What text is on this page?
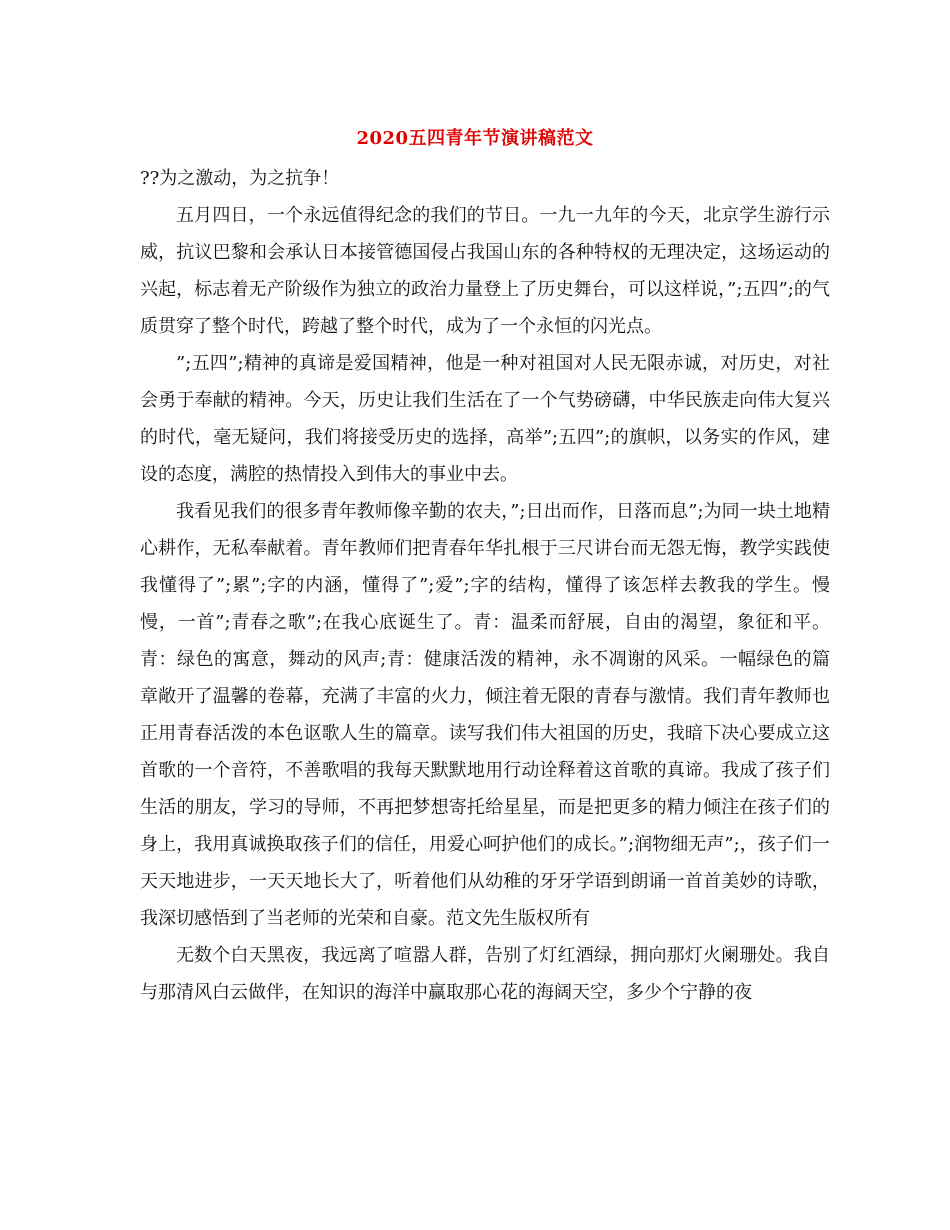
2020五四青年节演讲稿范文

??为之激动，为之抗争！

五月四日，一个永远值得纪念的我们的节日。一九一九年的今天，北京学生游行示威，抗议巴黎和会承认日本接管德国侵占我国山东的各种特权的无理决定，这场运动的兴起，标志着无产阶级作为独立的政治力量登上了历史舞台，可以这样说，”;五四”;的气质贯穿了整个时代，跨越了整个时代，成为了一个永恒的闪光点。

”;五四”;精神的真谛是爱国精神，他是一种对祖国对人民无限赤诚，对历史，对社会勇于奉献的精神。今天，历史让我们生活在了一个气势磅礴，中华民族走向伟大复兴的时代，毫无疑问，我们将接受历史的选择，高举”;五四”;的旗帜，以务实的作风，建设的态度，满腔的热情投入到伟大的事业中去。

我看见我们的很多青年教师像辛勤的农夫，”;日出而作，日落而息”;为同一块土地精心耕作，无私奉献着。青年教师们把青春年华扎根于三尺讲台而无怨无悔，教学实践使我懂得了”;累”;字的内涵，懂得了”;爱”;字的结构，懂得了该怎样去教我的学生。慢慢，一首”;青春之歌”;在我心底诞生了。青：温柔而舒展，自由的渴望，象征和平。青：绿色的寓意，舞动的风声;青：健康活泼的精神，永不凋谢的风采。一幅绿色的篇章敞开了温馨的卷幕，充满了丰富的火力，倾注着无限的青春与激情。我们青年教师也正用青春活泼的本色讴歌人生的篇章。读写我们伟大祖国的历史，我暗下决心要成立这首歌的一个音符，不善歌唱的我每天默默地用行动诠释着这首歌的真谛。我成了孩子们生活的朋友，学习的导师，不再把梦想寄托给星星，而是把更多的精力倾注在孩子们的身上，我用真诚换取孩子们的信任，用爱心呵护他们的成长。”;润物细无声”;，孩子们一天天地进步，一天天地长大了，听着他们从幼稚的牙牙学语到朗诵一首首美妙的诗歌，我深切感悟到了当老师的光荣和自豪。范文先生版权所有

无数个白天黑夜，我远离了喧嚣人群，告别了灯红酒绿，拥向那灯火阑珊处。我自与那清风白云做伴，在知识的海洋中赢取那心花的海阔天空，多少个宁静的夜
